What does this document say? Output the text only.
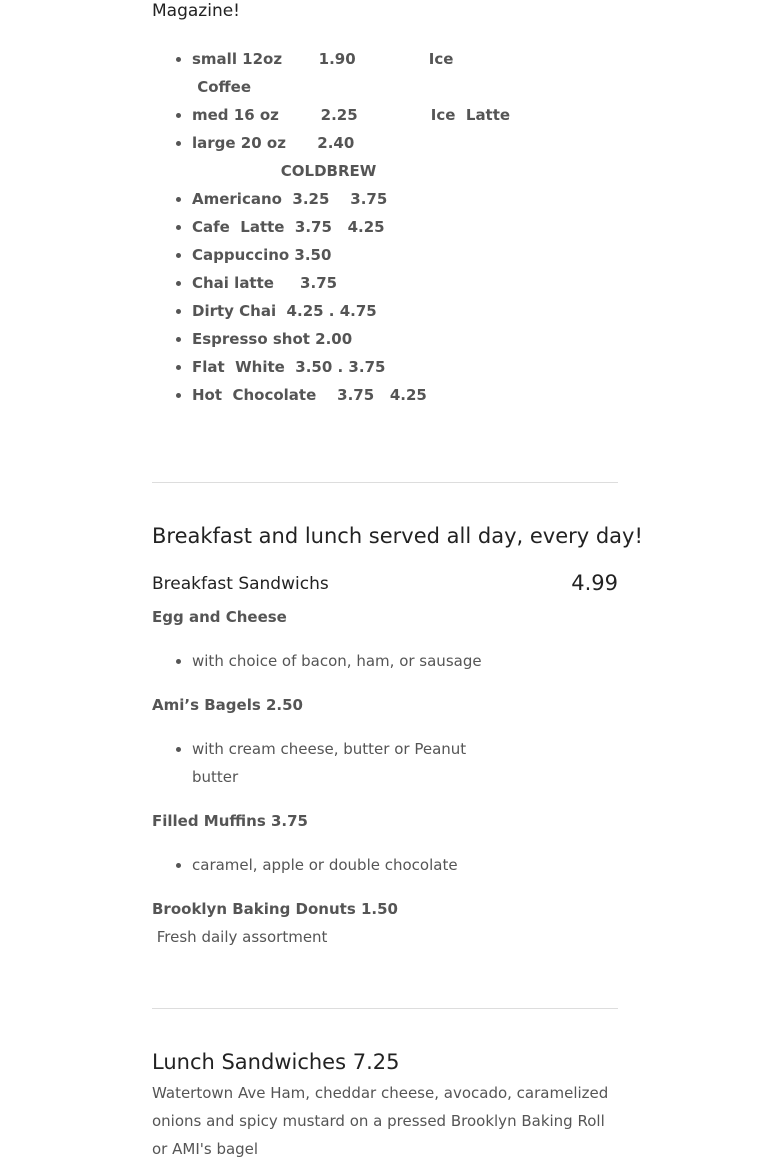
Magazine!

• small 12oz       1.90              Ice
Coffee
• med 16 oz        2.25              Ice  Latte
• large 20 oz      2.40
COLDBREW
• Americano  3.25    3.75
• Cafe  Latte  3.75   4.25
• Cappuccino 3.50
• Chai latte     3.75
• Dirty Chai  4.25 . 4.75
• Espresso shot 2.00
• Flat  White  3.50 . 3.75
• Hot  Chocolate    3.75   4.25
Breakfast and lunch served all day, every day!
Breakfast Sandwichs	4.99

Egg and Cheese

• with choice of bacon, ham, or sausage

Ami’s Bagels 2.50

• with cream cheese, butter or Peanut butter

Filled Muffins 3.75

• caramel, apple or double chocolate

Brooklyn Baking Donuts 1.50

Fresh daily assortment

Lunch Sandwiches 7.25

Watertown Ave Ham, cheddar cheese, avocado, caramelized onions and spicy mustard on a pressed Brooklyn Baking Roll or AMI's bagel
